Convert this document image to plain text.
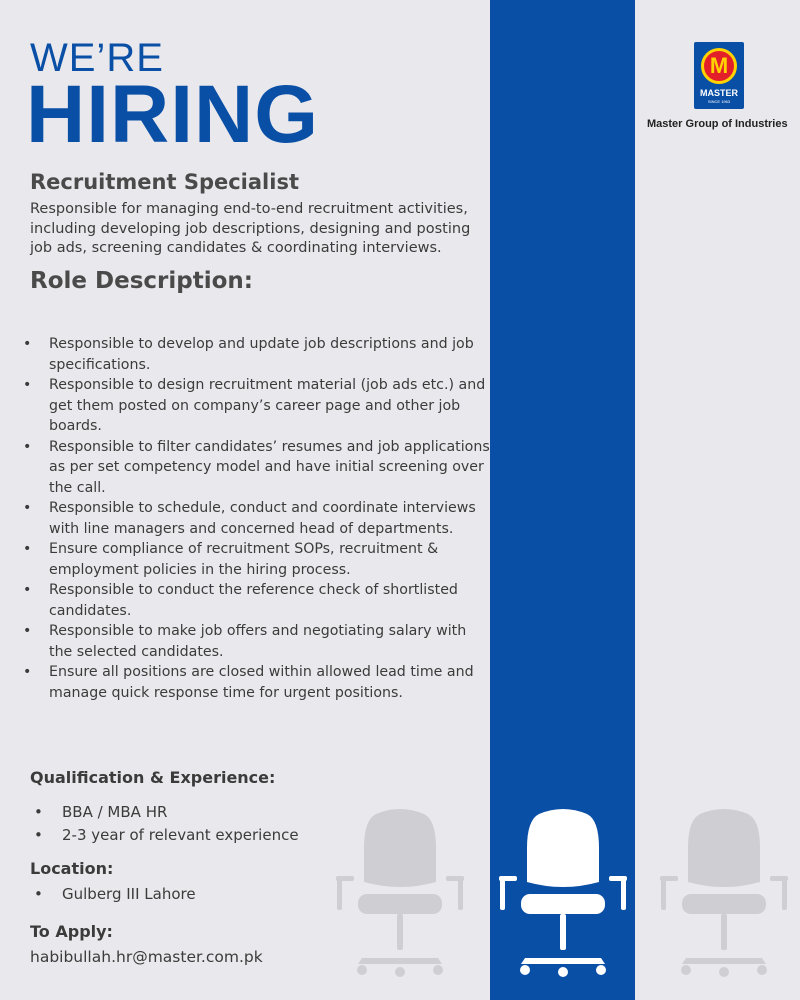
WE’RE
HIRING
M
MASTER
SINCE 1963
Master Group of Industries
Recruitment Specialist
Responsible for managing end-to-end recruitment activities, including developing job descriptions, designing and posting job ads, screening candidates & coordinating interviews.
Role Description:
• Responsible to develop and update job descriptions and job specifications.
• Responsible to design recruitment material (job ads etc.) and get them posted on company’s career page and other job boards.
• Responsible to filter candidates’ resumes and job applications as per set competency model and have initial screening over the call.
• Responsible to schedule, conduct and coordinate interviews with line managers and concerned head of departments.
• Ensure compliance of recruitment SOPs, recruitment & employment policies in the hiring process.
• Responsible to conduct the reference check of shortlisted candidates.
• Responsible to make job offers and negotiating salary with the selected candidates.
• Ensure all positions are closed within allowed lead time and manage quick response time for urgent positions.
Qualification & Experience:
• BBA / MBA HR
• 2-3 year of relevant experience
Location:
• Gulberg III Lahore
To Apply:
habibullah.hr@master.com.pk
